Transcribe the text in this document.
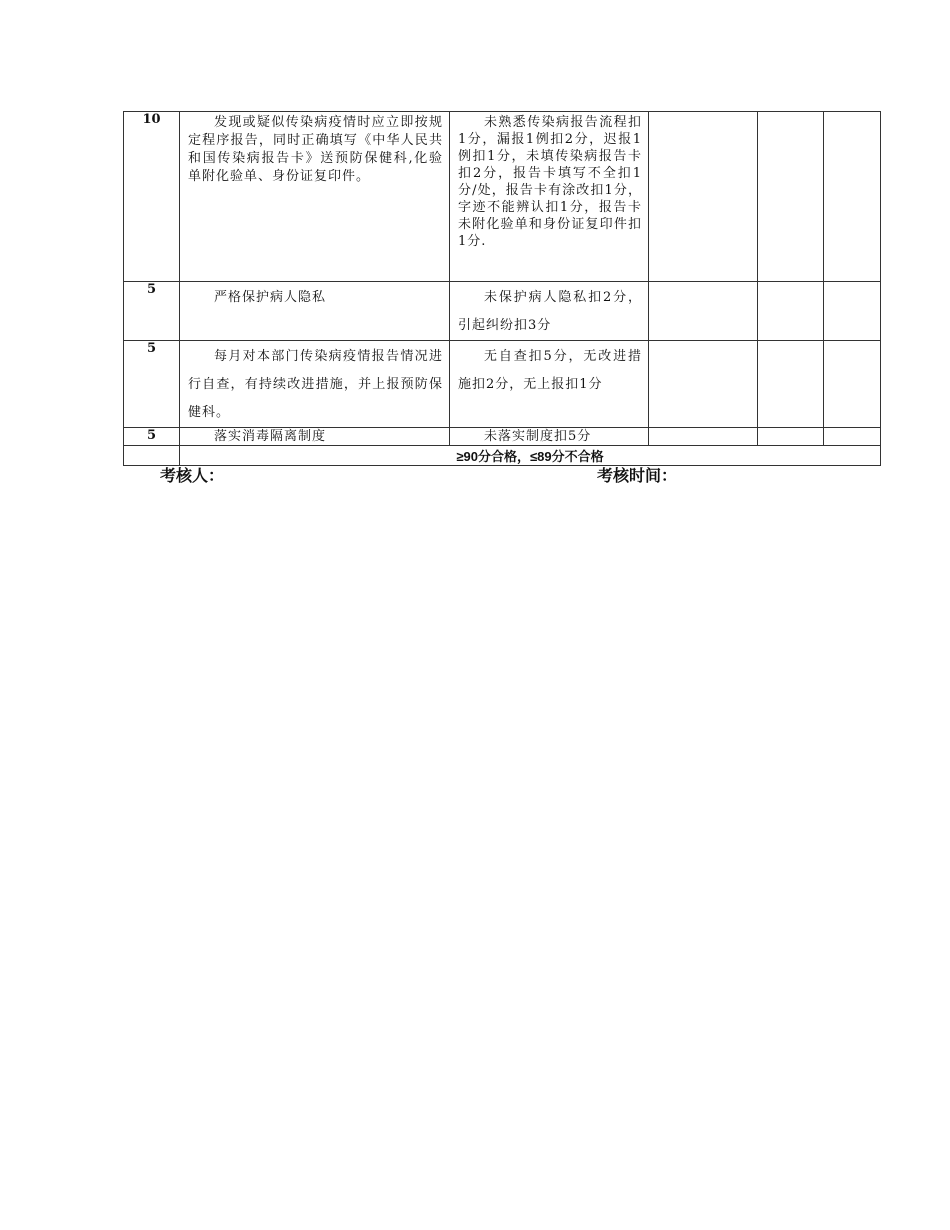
10	发现或疑似传染病疫情时应立即按规定程序报告，同时正确填写《中华人民共和国传染病报告卡》送预防保健科,化验单附化验单、身份证复印件。	未熟悉传染病报告流程扣1分，漏报1例扣2分，迟报1例扣1分，未填传染病报告卡扣2分，报告卡填写不全扣1分/处，报告卡有涂改扣1分，字迹不能辨认扣1分，报告卡未附化验单和身份证复印件扣1分.			

5	严格保护病人隐私	未保护病人隐私扣2分，引起纠纷扣3分			

5	每月对本部门传染病疫情报告情况进行自查，有持续改进措施，并上报预防保健科。	无自查扣5分，无改进措施扣2分，无上报扣1分			

5	落实消毒隔离制度	未落实制度扣5分			

	≥90分合格，≤89分不合格				
考核人：	考核时间：
